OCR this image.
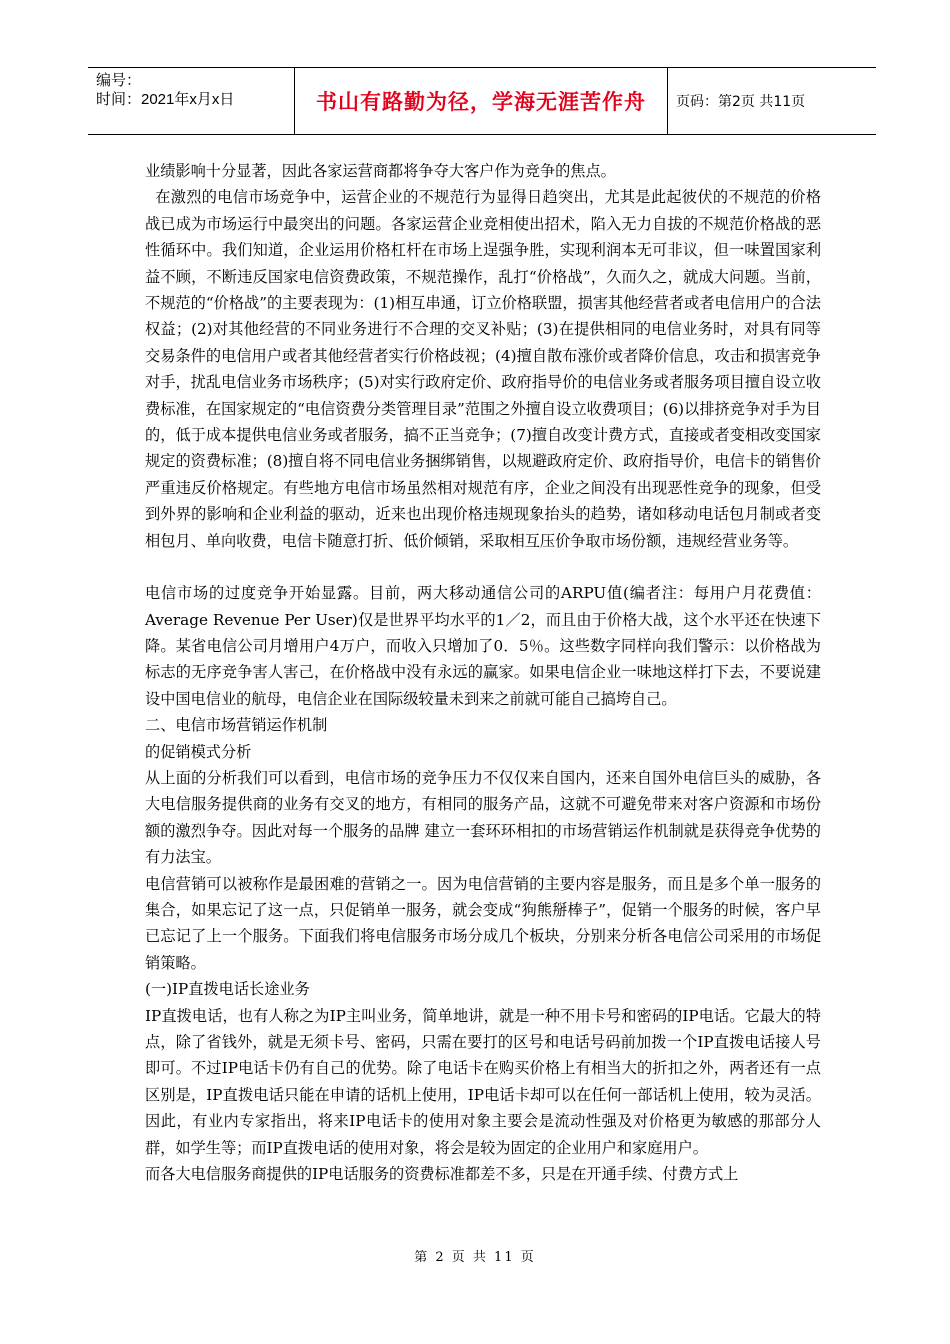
编号：
时间：2021年x月x日	书山有路勤为径，学海无涯苦作舟	页码：第2页 共11页

业绩影响十分显著，因此各家运营商都将争夺大客户作为竞争的焦点。

在激烈的电信市场竞争中，运营企业的不规范行为显得日趋突出，尤其是此起彼伏的不规范的价格战已成为市场运行中最突出的问题。各家运营企业竞相使出招术，陷入无力自拔的不规范价格战的恶性循环中。我们知道，企业运用价格杠杆在市场上逞强争胜，实现利润本无可非议，但一味置国家利益不顾，不断违反国家电信资费政策，不规范操作，乱打“价格战”，久而久之，就成大问题。当前，不规范的“价格战”的主要表现为：(1)相互串通，订立价格联盟，损害其他经营者或者电信用户的合法权益；(2)对其他经营的不同业务进行不合理的交叉补贴；(3)在提供相同的电信业务时，对具有同等交易条件的电信用户或者其他经营者实行价格歧视；(4)擅自散布涨价或者降价信息，攻击和损害竞争对手，扰乱电信业务市场秩序；(5)对实行政府定价、政府指导价的电信业务或者服务项目擅自设立收费标准，在国家规定的“电信资费分类管理目录”范围之外擅自设立收费项目；(6)以排挤竞争对手为目的，低于成本提供电信业务或者服务，搞不正当竞争；(7)擅自改变计费方式，直接或者变相改变国家规定的资费标准；(8)擅自将不同电信业务捆绑销售，以规避政府定价、政府指导价，电信卡的销售价严重违反价格规定。有些地方电信市场虽然相对规范有序，企业之间没有出现恶性竞争的现象，但受到外界的影响和企业利益的驱动，近来也出现价格违规现象抬头的趋势，诸如移动电话包月制或者变相包月、单向收费，电信卡随意打折、低价倾销，采取相互压价争取市场份额，违规经营业务等。

电信市场的过度竞争开始显露。目前，两大移动通信公司的ARPU值(编者注：每用户月花费值：Average Revenue Per User)仅是世界平均水平的1／2，而且由于价格大战，这个水平还在快速下降。某省电信公司月增用户4万户，而收入只增加了0．5％。这些数字同样向我们警示：以价格战为标志的无序竞争害人害己，在价格战中没有永远的赢家。如果电信企业一味地这样打下去，不要说建设中国电信业的航母，电信企业在国际级较量未到来之前就可能自己搞垮自己。

二、电信市场营销运作机制

的促销模式分析

从上面的分析我们可以看到，电信市场的竞争压力不仅仅来自国内，还来自国外电信巨头的威胁，各大电信服务提供商的业务有交叉的地方，有相同的服务产品，这就不可避免带来对客户资源和市场份额的激烈争夺。因此对每一个服务的品牌 建立一套环环相扣的市场营销运作机制就是获得竞争优势的有力法宝。

电信营销可以被称作是最困难的营销之一。因为电信营销的主要内容是服务，而且是多个单一服务的集合，如果忘记了这一点，只促销单一服务，就会变成“狗熊掰棒子”，促销一个服务的时候，客户早已忘记了上一个服务。下面我们将电信服务市场分成几个板块，分别来分析各电信公司采用的市场促销策略。

(一)IP直拨电话长途业务

IP直拨电话，也有人称之为IP主叫业务，简单地讲，就是一种不用卡号和密码的IP电话。它最大的特点，除了省钱外，就是无须卡号、密码，只需在要打的区号和电话号码前加拨一个IP直拨电话接人号即可。不过IP电话卡仍有自己的优势。除了电话卡在购买价格上有相当大的折扣之外，两者还有一点区别是，IP直拨电话只能在申请的话机上使用，IP电话卡却可以在任何一部话机上使用，较为灵活。因此，有业内专家指出，将来IP电话卡的使用对象主要会是流动性强及对价格更为敏感的那部分人群，如学生等；而IP直拨电话的使用对象，将会是较为固定的企业用户和家庭用户。

而各大电信服务商提供的IP电话服务的资费标准都差不多，只是在开通手续、付费方式上

第 2 页 共 11 页
